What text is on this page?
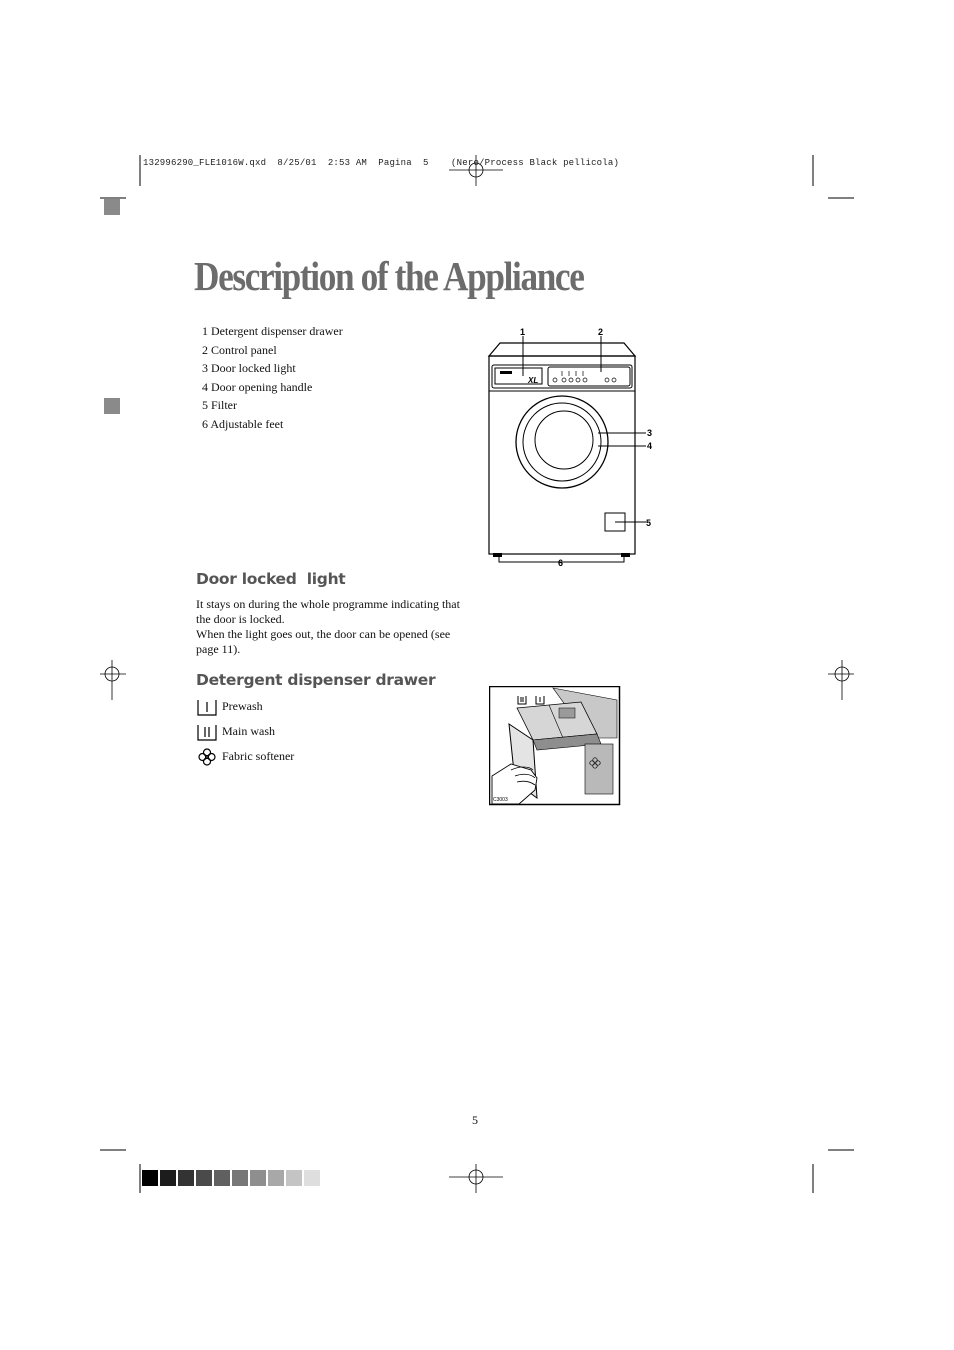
132996290_FLE1016W.qxd  8/25/01  2:53 AM  Pagina  5    (Nero/Process Black pellicola)
Description of the Appliance
1 Detergent dispenser drawer
2 Control panel
3 Door locked light
4 Door opening handle
5 Filter
6 Adjustable feet
XL
1	2
3
4
5
6
Door locked  light
It stays on during the whole programme indicating that the door is locked.
When the light goes out, the door can be opened (see page 11).
Detergent dispenser drawer
Prewash
Main wash
Fabric softener
C3003
5
